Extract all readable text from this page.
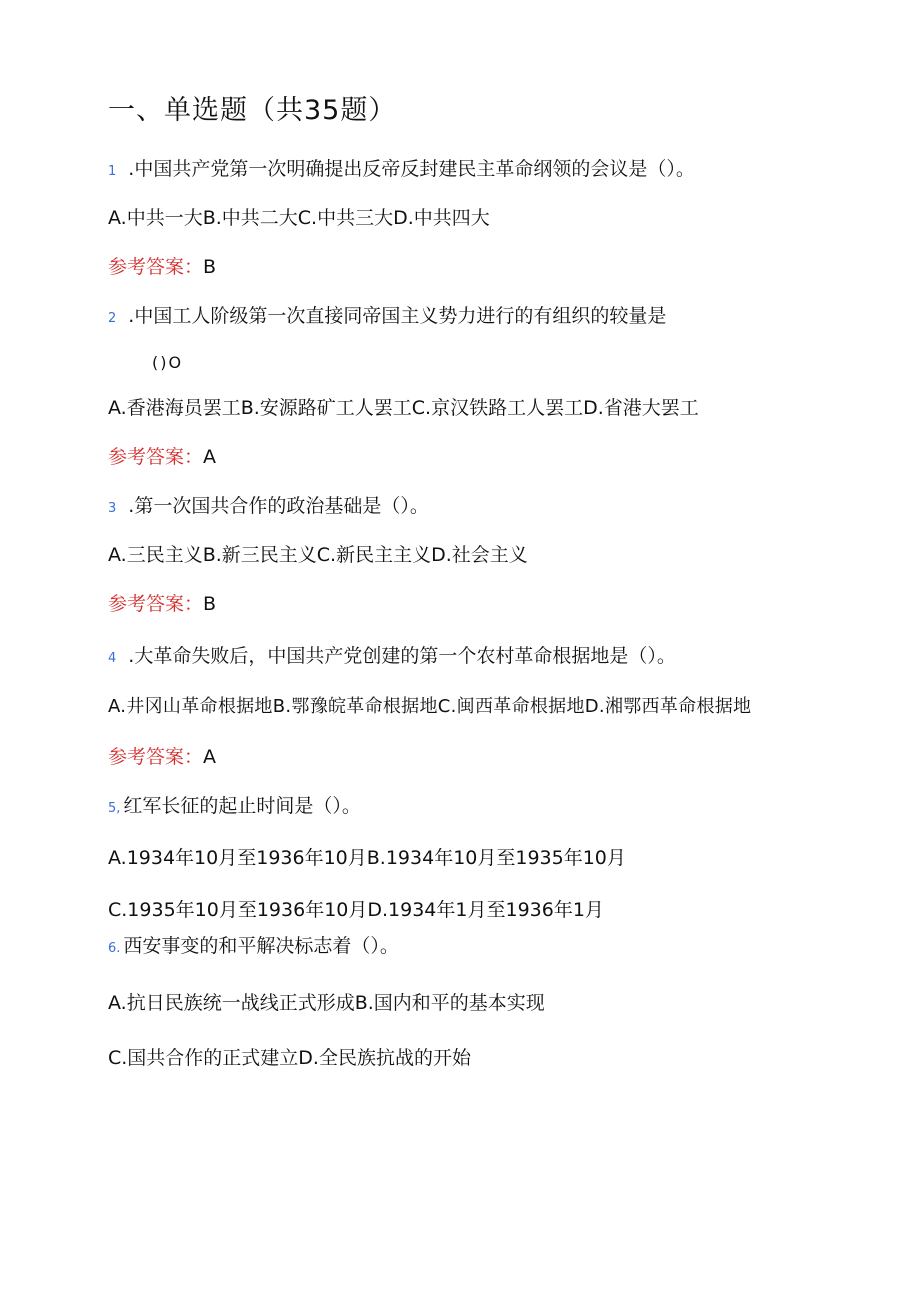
一、单选题（共35题）
1 .中国共产党第一次明确提出反帝反封建民主革命纲领的会议是（）。
A.中共一大B.中共二大C.中共三大D.中共四大
参考答案：B
2 .中国工人阶级第一次直接同帝国主义势力进行的有组织的较量是
()O
A.香港海员罢工B.安源路矿工人罢工C.京汉铁路工人罢工D.省港大罢工
参考答案：A
3 .第一次国共合作的政治基础是（）。
A.三民主义B.新三民主义C.新民主主义D.社会主义
参考答案：B
4 .大革命失败后，中国共产党创建的第一个农村革命根据地是（）。
A.井冈山革命根据地B.鄂豫皖革命根据地C.闽西革命根据地D.湘鄂西革命根据地
参考答案：A
5, 红军长征的起止时间是（）。
A.1934年10月至1936年10月B.1934年10月至1935年10月
C.1935年10月至1936年10月D.1934年1月至1936年1月
6. 西安事变的和平解决标志着（）。
A.抗日民族统一战线正式形成B.国内和平的基本实现
C.国共合作的正式建立D.全民族抗战的开始
